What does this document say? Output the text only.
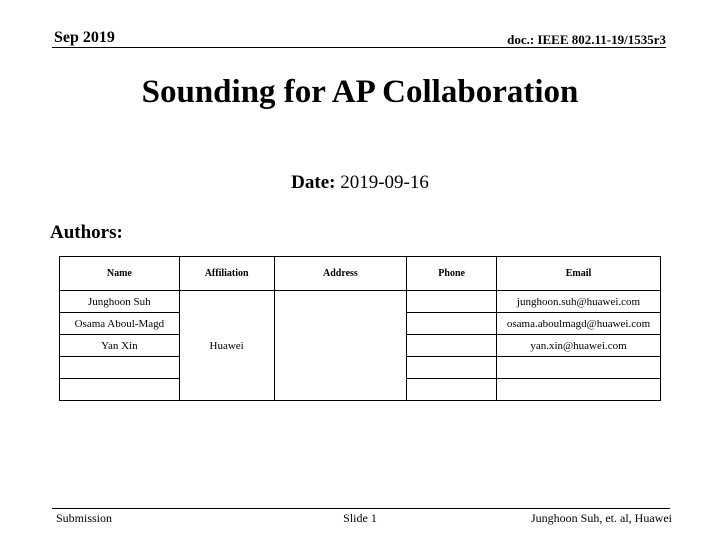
Sep 2019	doc.: IEEE 802.11-19/1535r3
Sounding for AP Collaboration
Date: 2019-09-16
Authors:
Name	Affiliation	Address	Phone	Email
Junghoon Suh	Huawei			junghoon.suh@huawei.com
Osama Aboul-Magd				osama.aboulmagd@huawei.com
Yan Xin				yan.xin@huawei.com

Submission	Slide 1	Junghoon Suh, et. al, Huawei
